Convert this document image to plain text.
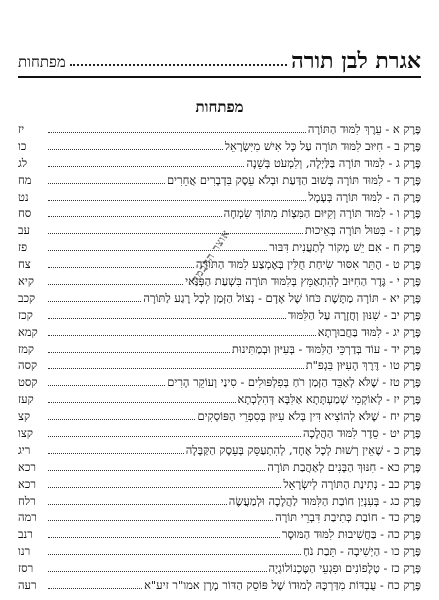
אגרת לבן תורה
מפתחות
מפתחות
פֶּרֶק א - עֵרֶךְ לִמּוּד הַתּוֹרָה
יז
פֶּרֶק ב - חִיּוּב לִמּוּד תּוֹרָה עַל כָּל אִישׁ מִיִּשְׂרָאֵל
כו
פֶּרֶק ג - לִמּוּד תּוֹרָה בַּלַּיְלָה, וְלִמְעֹט בְּשֵׁנָה
לג
פֶּרֶק ד - לִמּוּד תּוֹרָה בְּשׁוּב הַדַּעַת וּבְלֹא עֵסֶק בִּדְבָרִים אֲחֵרִים
מח
פֶּרֶק ה - לִמּוּד תּוֹרָה בְּעָמָל
נט
פֶּרֶק ו - לִמּוּד תּוֹרָה וְקִיּוּם הַמִּצְוֹת מִתּוֹךְ שִׂמְחָה
סח
פֶּרֶק ז - בִּטּוּל תּוֹרָה בְּאֵיכוּת
עב
פֶּרֶק ח - אִם יֵשׁ מָקוֹר לְתַעֲנִית דִּבּוּר
פז
פֶּרֶק ט - הֶתֵּר אִסּוּר שִׂיחַת חֻלִּין בְּאֶמְצַע לִמּוּד הַתּוֹרָה
צח
פֶּרֶק י - גֶּדֶר הַחִיּוּב לְהִתְאַמֵּץ בְּלִמּוּד תּוֹרָה בִּשְׁעַת הַפְּנַאי
קיא
פֶּרֶק יא - תּוֹרָה מַתֶּשֶׁת כֹּחוֹ שֶׁל אָדָם - נְצוֹל הַזְּמַן לְכָל רֶגַע לַתּוֹרָה
קכב
פֶּרֶק יב - שִׁנּוּן וְחֲזָרָה עַל הַלִּמּוּד
קכז
פֶּרֶק יג - לִמּוּד בַּחֲבוּרָתָא
קמא
פֶּרֶק יד - עוֹד בְּדַרְכֵּי הַלִּמּוּד - בְּעִיּוּן וּבְמַתִּינוּת
קמז
פֶּרֶק טו - דֶּרֶךְ הָעִיּוּן בִּגְפ"ת
קסה
פֶּרֶק טז - שֶׁלֹּא לְאַבֵּד הַזְּמַן רֹחַ בְּפִלְפּוּלִים - סִינַי וְעוֹקֵר הָרִים
קסט
פֶּרֶק יז - לְאוֹקְמֵי שְׁמַעְתָּתָא אַלִּבָּא דְּהִלְכְתָא
קעז
פֶּרֶק יח - שֶׁלֹּא לְהוֹצִיא דִּין בְּלֹא עִיּוּן בְּסִפְרֵי הַפּוֹסְקִים
קצ
פֶּרֶק יט - סֵדֶר לִמּוּד הַהֲלָכָה
קצו
פֶּרֶק כ - שֶׁאֵין רְשׁוּת לְכָל אֶחָד, לְהִתְעַסֵּק בְּעֵסֶק הַקַּבָּלָה
ריג
פֶּרֶק כא - חִנּוּךְ הַבָּנִים לְאַהֲבַת תּוֹרָה
רכא
פֶּרֶק כב - נְתִינַת הַתּוֹרָה לְיִשְׂרָאֵל
רכא
פֶּרֶק כג - בְּעִנְיַן חוֹבַת הַלִּמּוּד לַהֲלָכָה וּלְמַעֲשֶׂה
רלח
פֶּרֶק כד - חוֹבַת כְּתִיבַת דִּבְרֵי תּוֹרָה
רמה
פֶּרֶק כה - בַּחֲשִׁיבוּת לִמּוּד הַמּוּסָר
רנב
פֶּרֶק כו - הַיְשִׁיבָה - תֵּבַת נֹחַ
רנו
פֶּרֶק כז - טֶלֶפוֹנִים וּפִגְעֵי הַטֶּכְנוֹלוֹגְיָה
רסז
פֶּרֶק כח - עֻבְדּוֹת מִדַּרְכָּהּ לְמוּדוֹ שֶׁל פּוֹסֵק הַדּוֹר מָרָן אמו"ר זיע"א
רעה
אוצר החכמה
